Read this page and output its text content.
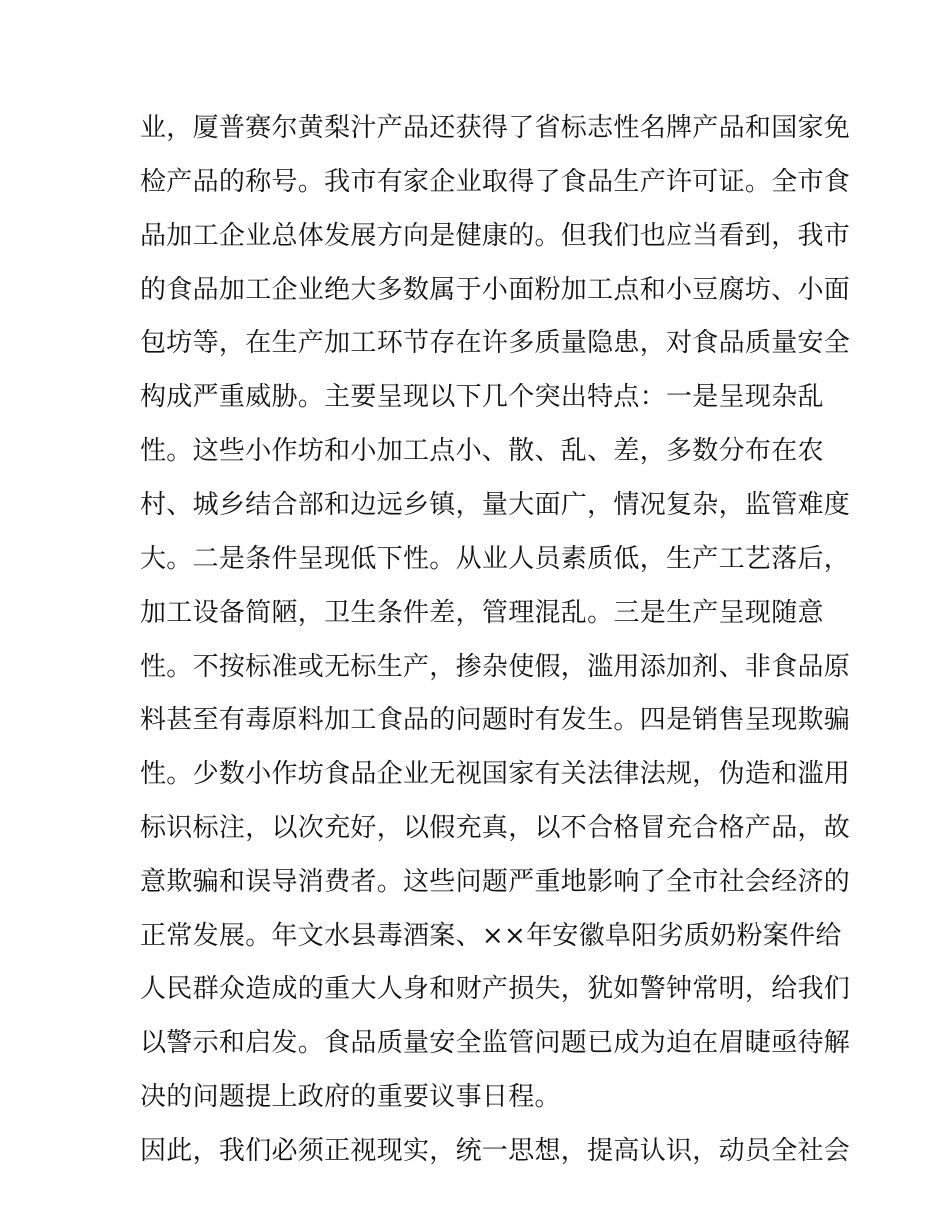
业，厦普赛尔黄梨汁产品还获得了省标志性名牌产品和国家免
检产品的称号。我市有家企业取得了食品生产许可证。全市食
品加工企业总体发展方向是健康的。但我们也应当看到，我市
的食品加工企业绝大多数属于小面粉加工点和小豆腐坊、小面
包坊等，在生产加工环节存在许多质量隐患，对食品质量安全
构成严重威胁。主要呈现以下几个突出特点：一是呈现杂乱
性。这些小作坊和小加工点小、散、乱、差，多数分布在农
村、城乡结合部和边远乡镇，量大面广，情况复杂，监管难度
大。二是条件呈现低下性。从业人员素质低，生产工艺落后，
加工设备简陋，卫生条件差，管理混乱。三是生产呈现随意
性。不按标准或无标生产，掺杂使假，滥用添加剂、非食品原
料甚至有毒原料加工食品的问题时有发生。四是销售呈现欺骗
性。少数小作坊食品企业无视国家有关法律法规，伪造和滥用
标识标注，以次充好，以假充真，以不合格冒充合格产品，故
意欺骗和误导消费者。这些问题严重地影响了全市社会经济的
正常发展。年文水县毒酒案、××年安徽阜阳劣质奶粉案件给
人民群众造成的重大人身和财产损失，犹如警钟常明，给我们
以警示和启发。食品质量安全监管问题已成为迫在眉睫亟待解
决的问题提上政府的重要议事日程。
因此，我们必须正视现实，统一思想，提高认识，动员全社会
